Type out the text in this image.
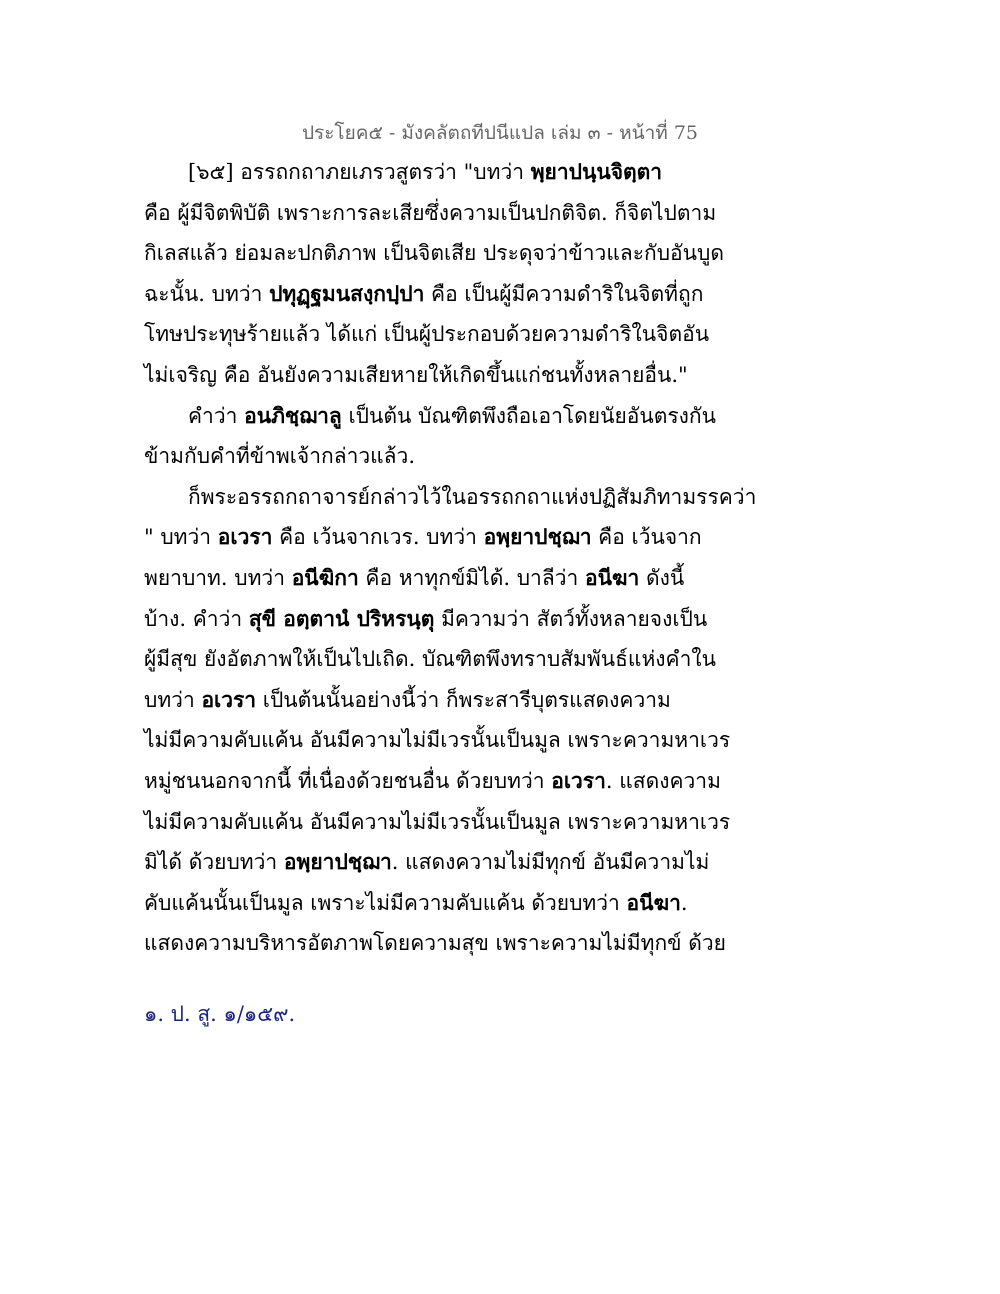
ประโยค๕ - มังคลัตถทีปนีแปล เล่ม ๓ - หน้าที่ 75
[๖๕] อรรถกถาภยเภรวสูตรว่า "บทว่า พฺยาปนฺนจิตฺตา
คือ ผู้มีจิตพิบัติ เพราะการละเสียซึ่งความเป็นปกติจิต. ก็จิตไปตาม
กิเลสแล้ว ย่อมละปกติภาพ เป็นจิตเสีย ประดุจว่าข้าวและกับอันบูด
ฉะนั้น. บทว่า ปทุฏฺฐมนสงฺกปฺปา คือ เป็นผู้มีความดำริในจิตที่ถูก
โทษประทุษร้ายแล้ว ได้แก่ เป็นผู้ประกอบด้วยความดำริในจิตอัน
ไม่เจริญ คือ อันยังความเสียหายให้เกิดขึ้นแก่ชนทั้งหลายอื่น."
คำว่า อนภิชฺฌาลู เป็นต้น บัณฑิตพึงถือเอาโดยนัยอันตรงกัน
ข้ามกับคำที่ข้าพเจ้ากล่าวแล้ว.
ก็พระอรรถกถาจารย์กล่าวไว้ในอรรถกถาแห่งปฏิสัมภิทามรรคว่า
" บทว่า อเวรา คือ เว้นจากเวร. บทว่า อพฺยาปชฺฌา คือ เว้นจาก
พยาบาท. บทว่า อนีฆิกา คือ หาทุกข์มิได้. บาลีว่า อนีฆา ดังนี้
บ้าง. คำว่า สุขี อตฺตานํ ปริหรนฺตุ มีความว่า สัตว์ทั้งหลายจงเป็น
ผู้มีสุข ยังอัตภาพให้เป็นไปเถิด. บัณฑิตพึงทราบสัมพันธ์แห่งคำใน
บทว่า อเวรา เป็นต้นนั้นอย่างนี้ว่า ก็พระสารีบุตรแสดงความ
ไม่มีความคับแค้น อันมีความไม่มีเวรนั้นเป็นมูล เพราะความหาเวร
หมู่ชนนอกจากนี้ ที่เนื่องด้วยชนอื่น ด้วยบทว่า อเวรา. แสดงความ
ไม่มีความคับแค้น อันมีความไม่มีเวรนั้นเป็นมูล เพราะความหาเวร
มิได้ ด้วยบทว่า อพฺยาปชฺฌา. แสดงความไม่มีทุกข์ อันมีความไม่
คับแค้นนั้นเป็นมูล เพราะไม่มีความคับแค้น ด้วยบทว่า อนีฆา.
แสดงความบริหารอัตภาพโดยความสุข เพราะความไม่มีทุกข์ ด้วย
๑. ป. สู. ๑/๑๕๙.
